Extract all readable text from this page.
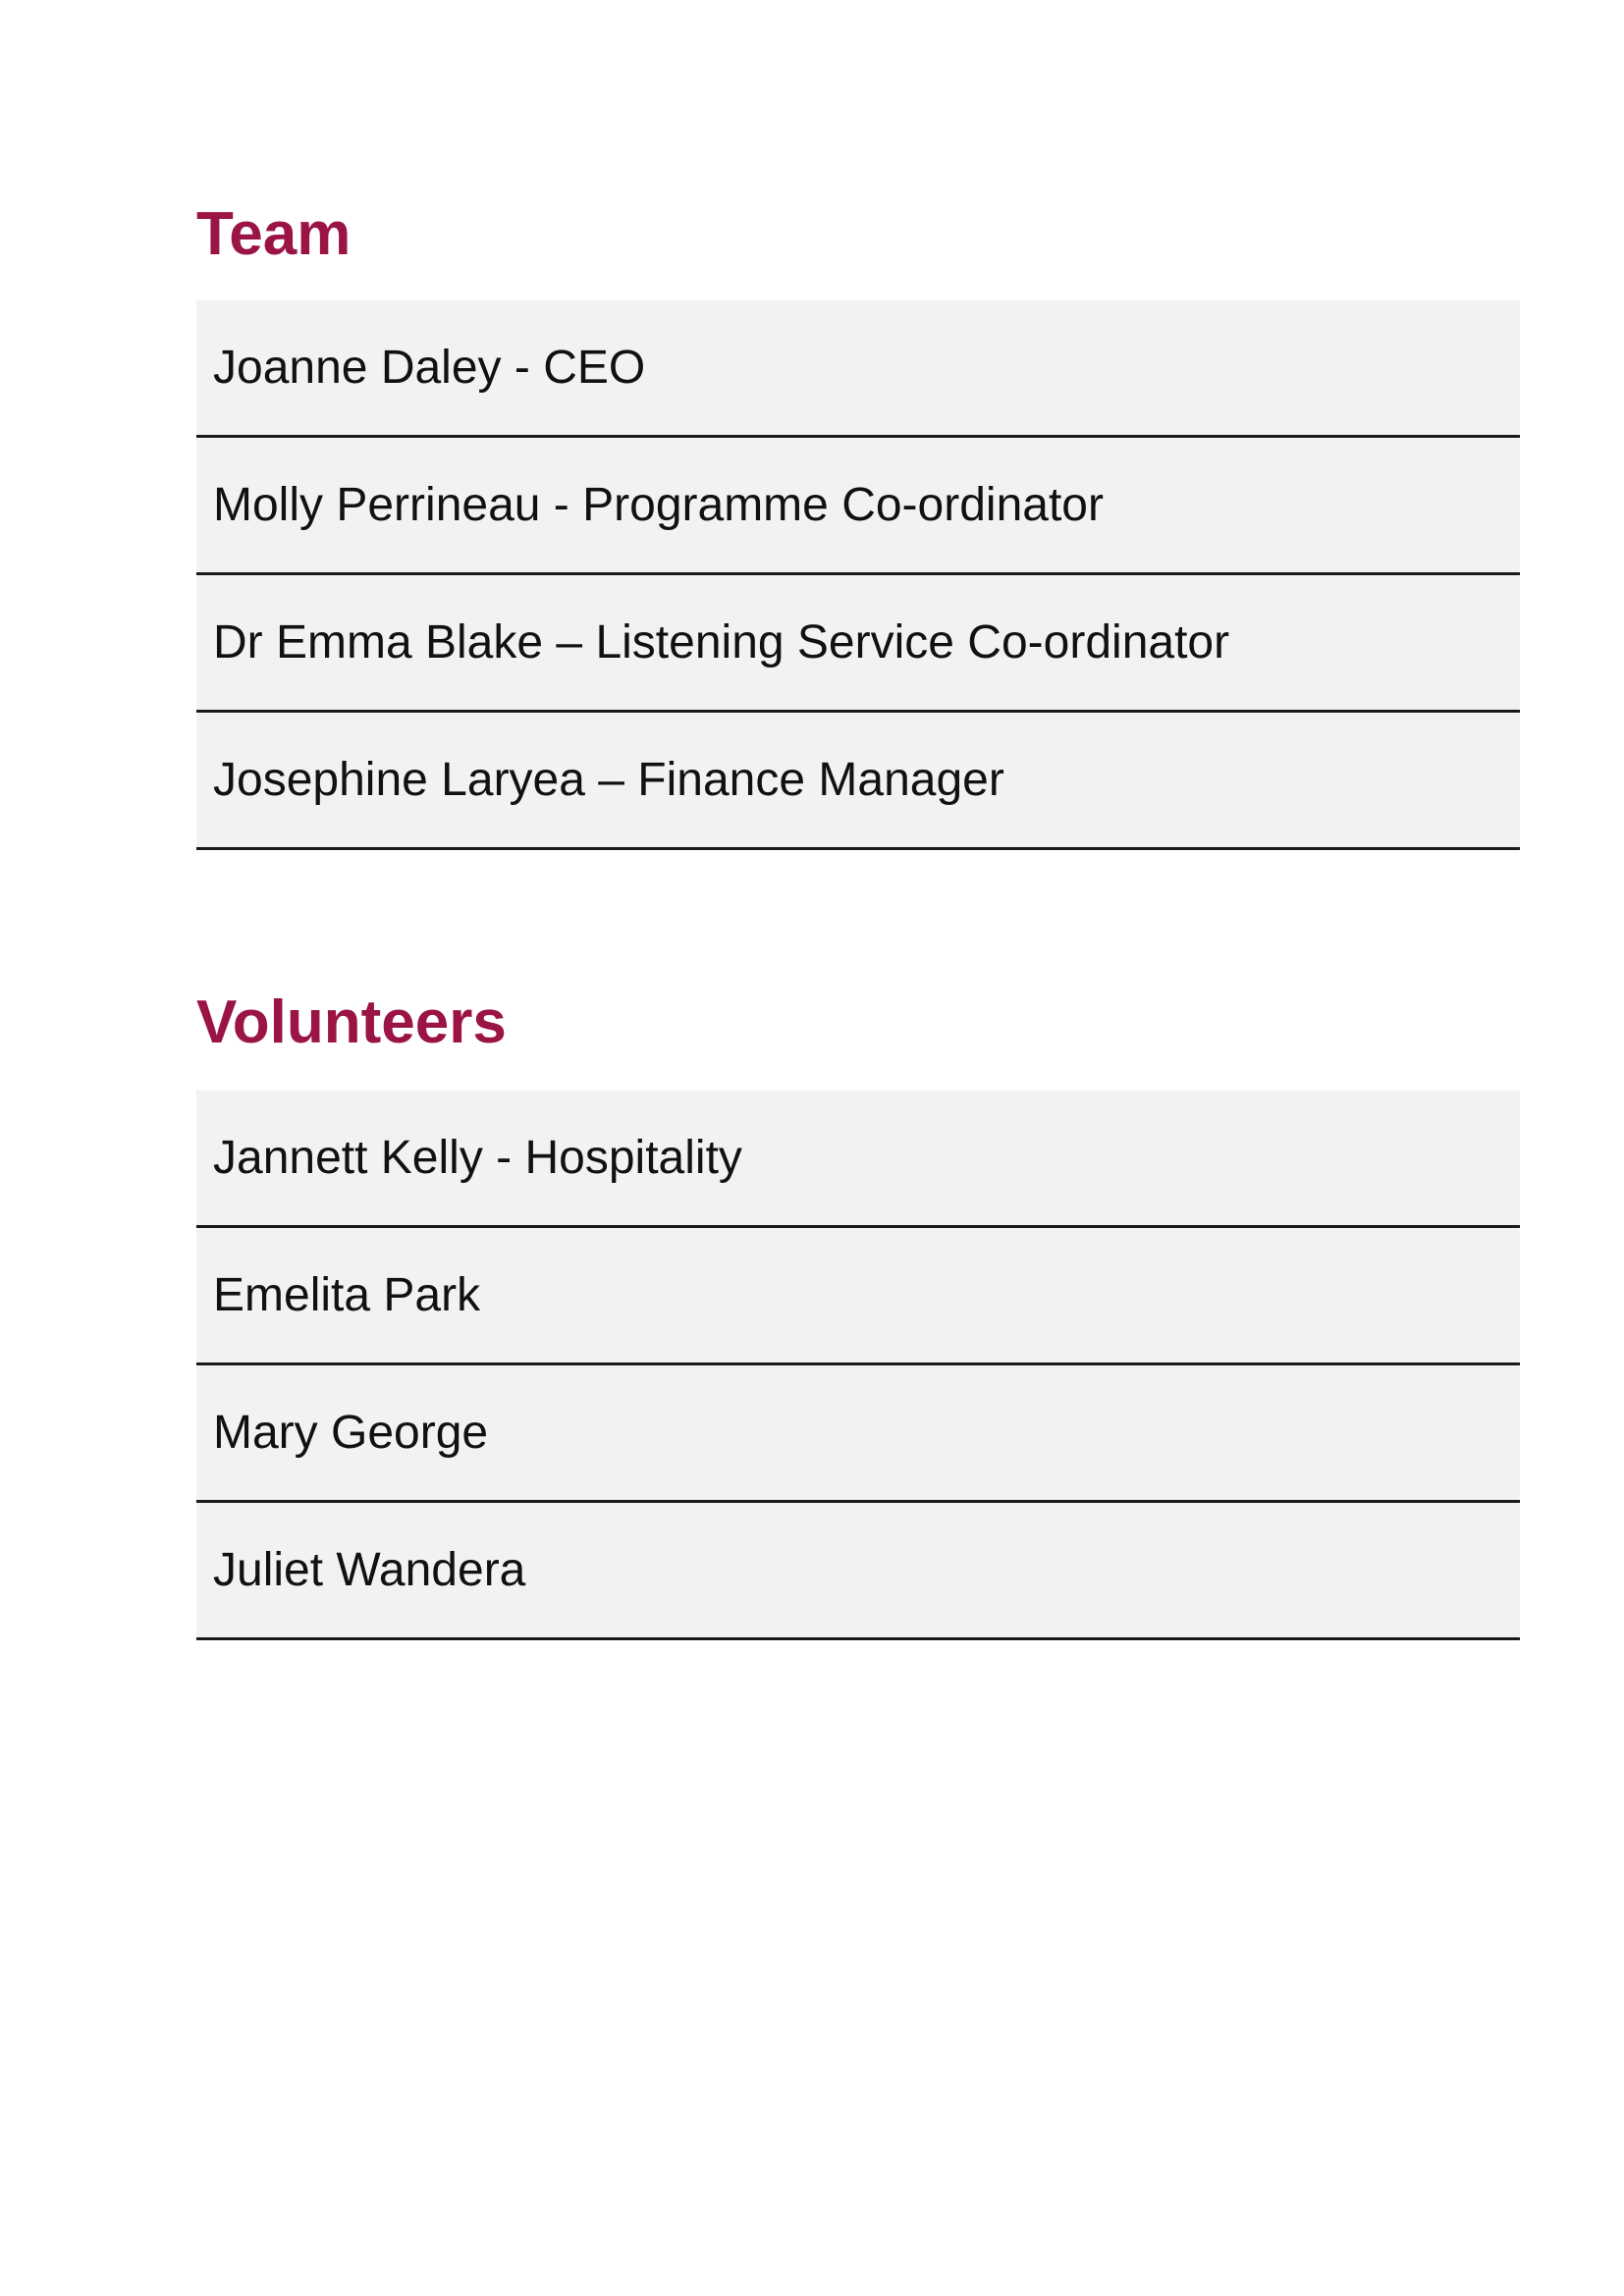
Team
Joanne Daley - CEO
Molly Perrineau - Programme Co-ordinator
Dr Emma Blake – Listening Service Co-ordinator
Josephine Laryea – Finance Manager
Volunteers
Jannett Kelly - Hospitality
Emelita Park
Mary George
Juliet Wandera
